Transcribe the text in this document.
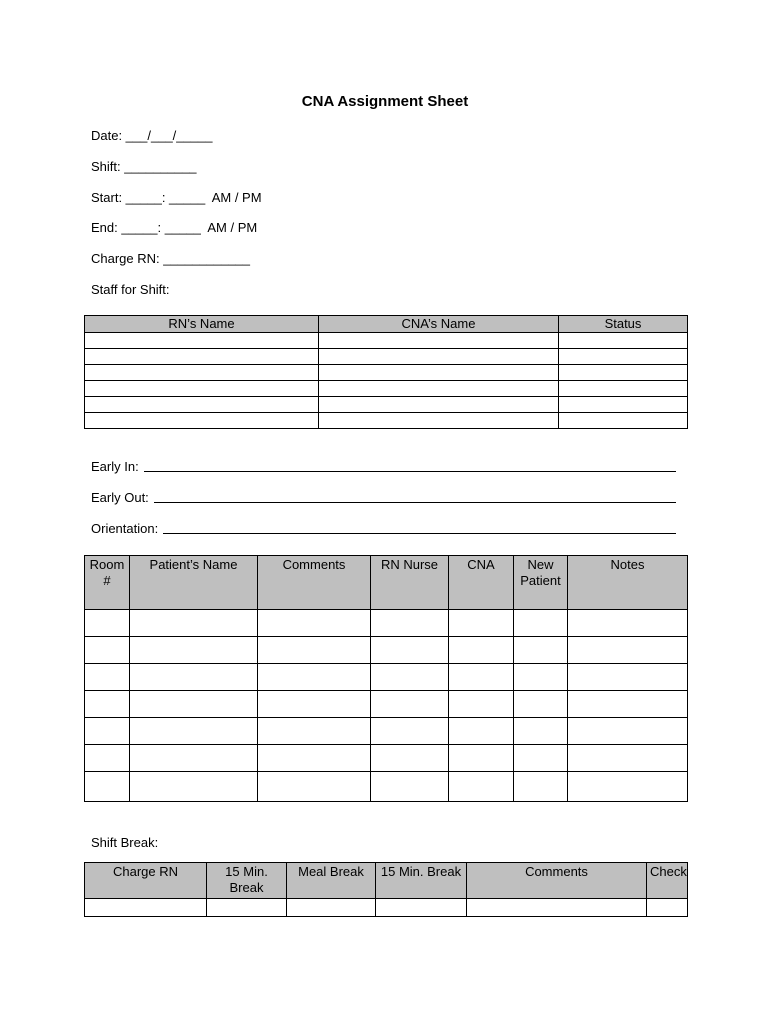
CNA Assignment Sheet
Date: ___/___/_____
Shift: __________
Start: _____: _____  AM / PM
End: _____: _____  AM / PM
Charge RN: ____________
Staff for Shift:
RN’s Name	CNA’s Name	Status

Early In:
Early Out:
Orientation:
Room #	Patient’s Name	Comments	RN Nurse	CNA	New Patient	Notes

Shift Break:
Charge RN	15 Min. Break	Meal Break	15 Min. Break	Comments	Check
